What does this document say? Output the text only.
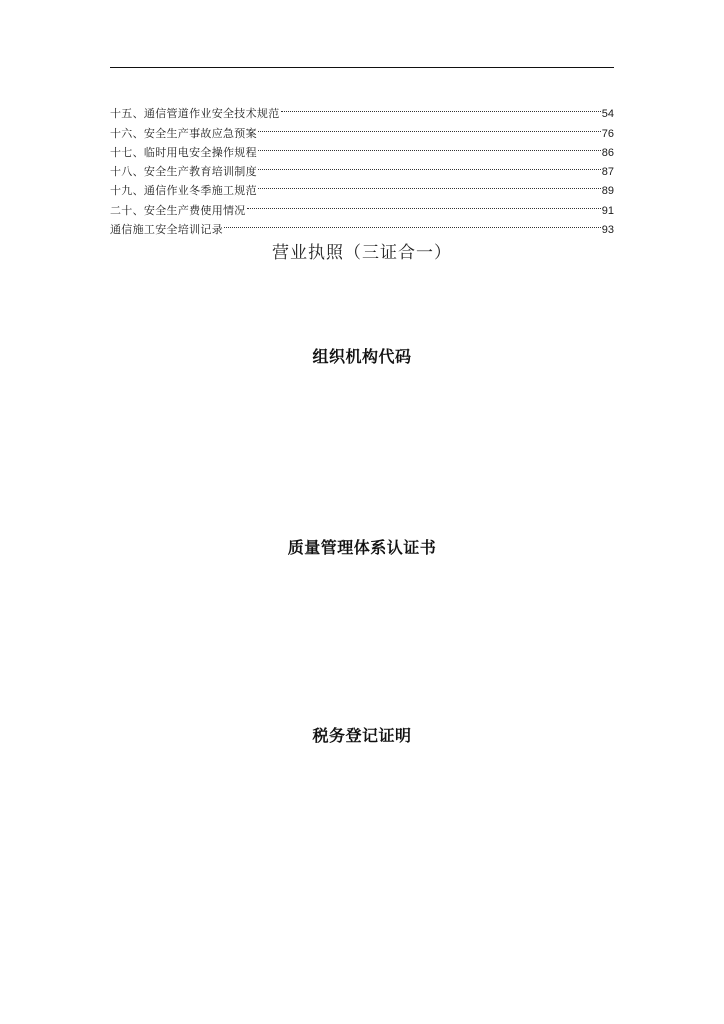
十五、通信管道作业安全技术规范	54
十六、安全生产事故应急预案	76
十七、临时用电安全操作规程	86
十八、安全生产教育培训制度	87
十九、通信作业冬季施工规范	89
二十、安全生产费使用情况	91
通信施工安全培训记录	93
营业执照（三证合一）
组织机构代码
质量管理体系认证书
税务登记证明
